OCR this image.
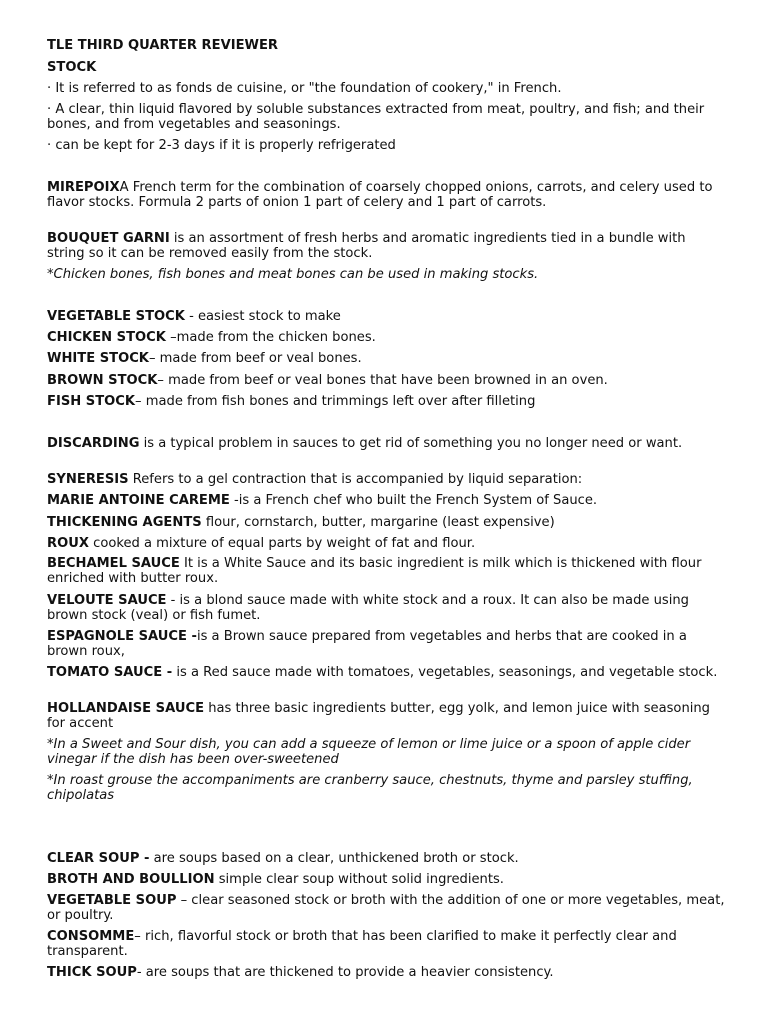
TLE THIRD QUARTER REVIEWER

STOCK

· It is referred to as fonds de cuisine, or "the foundation of cookery," in French.

· A clear, thin liquid flavored by soluble substances extracted from meat, poultry, and fish; and their bones, and from vegetables and seasonings.

· can be kept for 2-3 days if it is properly refrigerated

MIREPOIXA French term for the combination of coarsely chopped onions, carrots, and celery used to flavor stocks. Formula 2 parts of onion 1 part of celery and 1 part of carrots.

BOUQUET GARNI is an assortment of fresh herbs and aromatic ingredients tied in a bundle with string so it can be removed easily from the stock.

*Chicken bones, fish bones and meat bones can be used in making stocks.

VEGETABLE STOCK - easiest stock to make

CHICKEN STOCK –made from the chicken bones.

WHITE STOCK– made from beef or veal bones.

BROWN STOCK– made from beef or veal bones that have been browned in an oven.

FISH STOCK– made from fish bones and trimmings left over after filleting

DISCARDING is a typical problem in sauces to get rid of something you no longer need or want.

SYNERESIS Refers to a gel contraction that is accompanied by liquid separation:

MARIE ANTOINE CAREME -is a French chef who built the French System of Sauce.

THICKENING AGENTS flour, cornstarch, butter, margarine (least expensive)

ROUX cooked a mixture of equal parts by weight of fat and flour.

BECHAMEL SAUCE It is a White Sauce and its basic ingredient is milk which is thickened with flour enriched with butter roux.

VELOUTE SAUCE - is a blond sauce made with white stock and a roux. It can also be made using brown stock (veal) or fish fumet.

ESPAGNOLE SAUCE -is a Brown sauce prepared from vegetables and herbs that are cooked in a brown roux,

TOMATO SAUCE - is a Red sauce made with tomatoes, vegetables, seasonings, and vegetable stock.

HOLLANDAISE SAUCE has three basic ingredients butter, egg yolk, and lemon juice with seasoning for accent

*In a Sweet and Sour dish, you can add a squeeze of lemon or lime juice or a spoon of apple cider vinegar if the dish has been over-sweetened

*In roast grouse the accompaniments are cranberry sauce, chestnuts, thyme and parsley stuffing, chipolatas

CLEAR SOUP - are soups based on a clear, unthickened broth or stock.

BROTH AND BOULLION simple clear soup without solid ingredients.

VEGETABLE SOUP – clear seasoned stock or broth with the addition of one or more vegetables, meat, or poultry.

CONSOMME– rich, flavorful stock or broth that has been clarified to make it perfectly clear and transparent.

THICK SOUP- are soups that are thickened to provide a heavier consistency.
